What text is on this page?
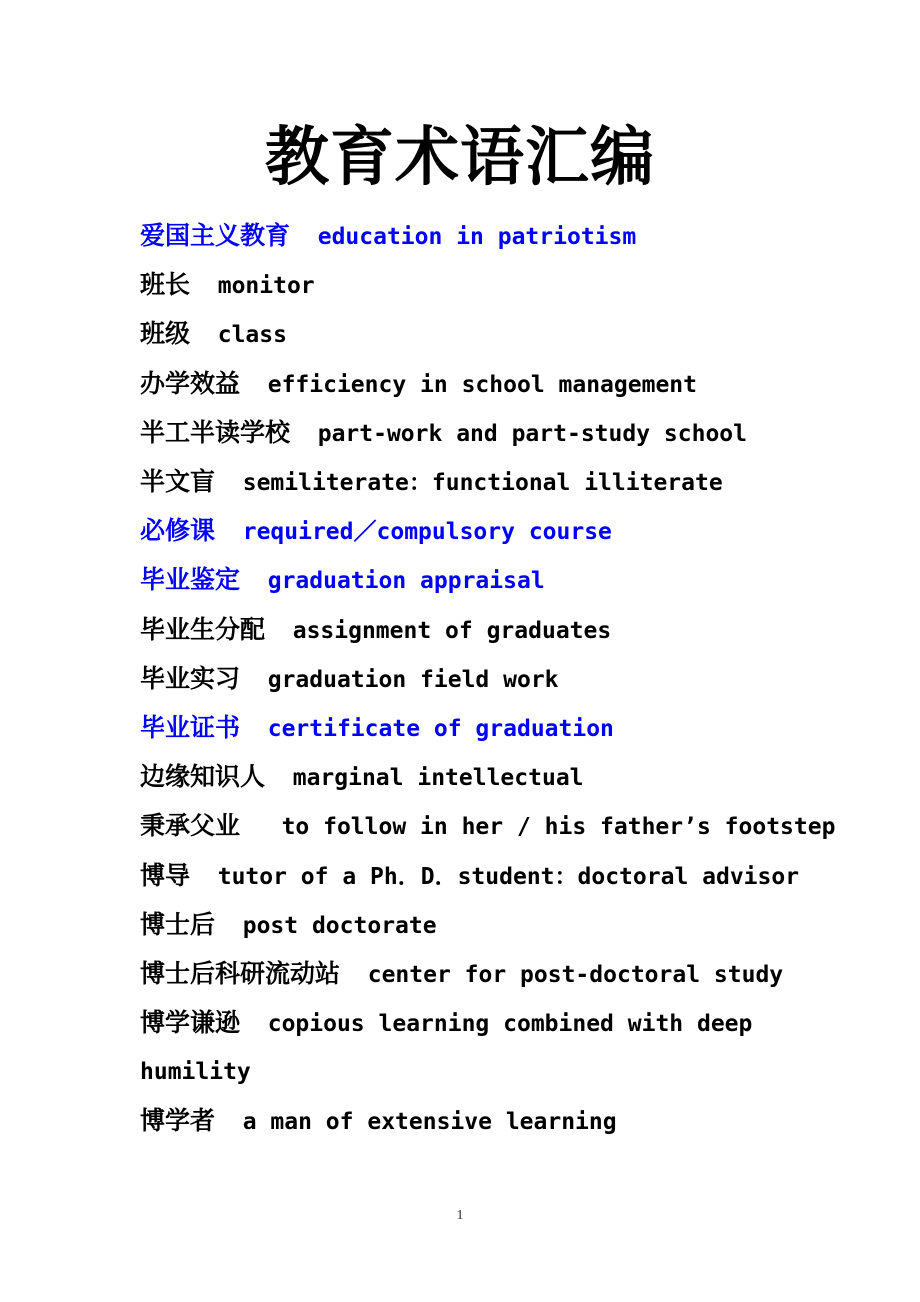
教育术语汇编
爱国主义教育 education in patriotism
班长 monitor
班级 class
办学效益 efficiency in school management
半工半读学校 part-work and part-study school
半文盲 semiliterate：functional illiterate
必修课 required／compulsory course
毕业鉴定 graduation appraisal
毕业生分配 assignment of graduates
毕业实习 graduation field work
毕业证书 certificate of graduation
边缘知识人 marginal intellectual
秉承父业 to follow in her / his father’s footstep
博导 tutor of a Ph．D．student：doctoral advisor
博士后 post doctorate
博士后科研流动站 center for post-doctoral study
博学谦逊 copious learning combined with deep humility
博学者 a man of extensive learning
1
